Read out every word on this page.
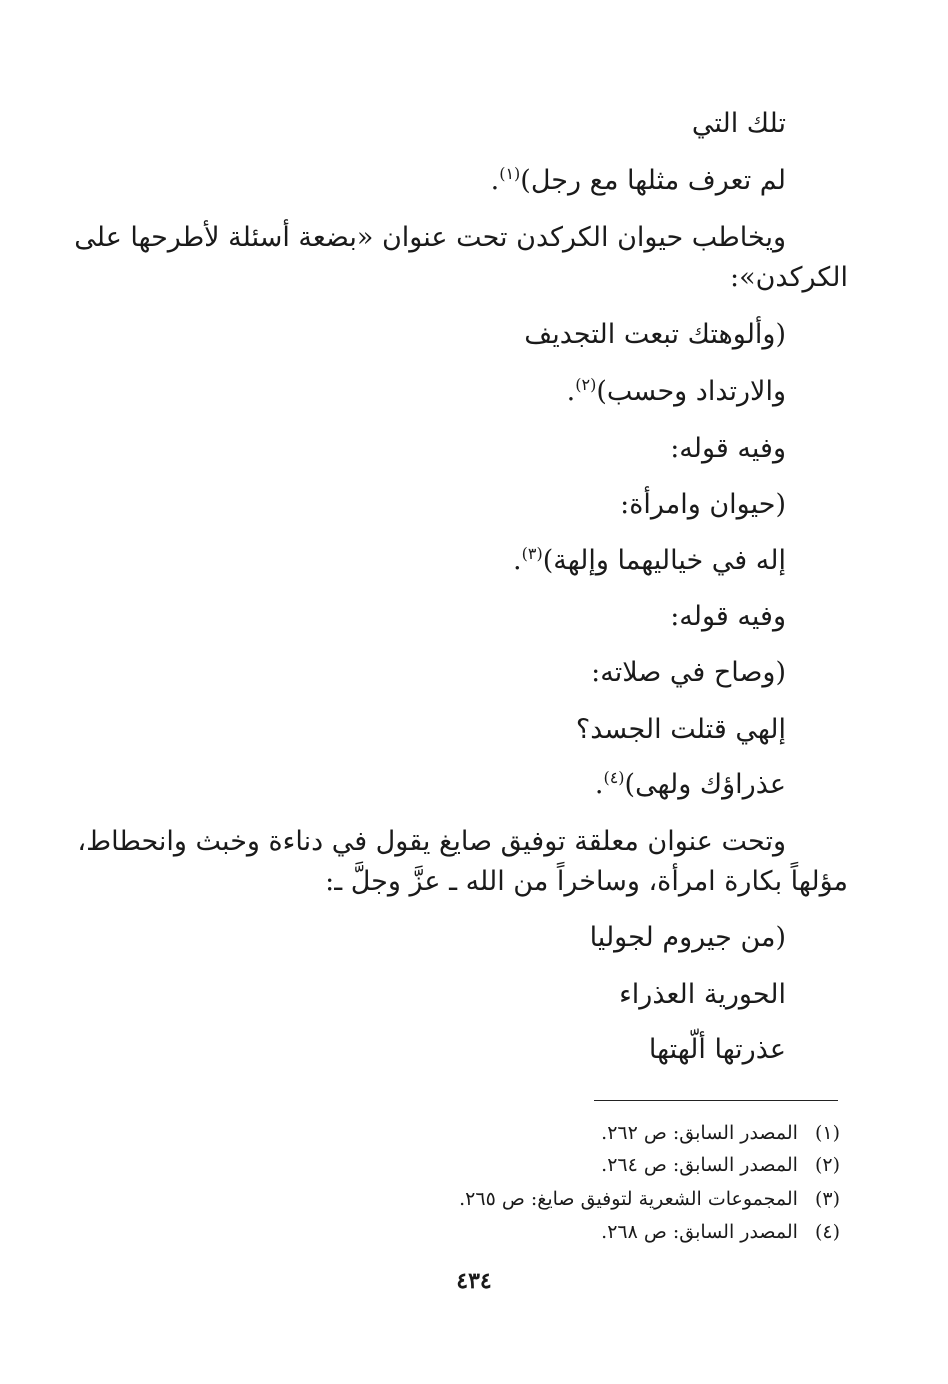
تلك التي
لم تعرف مثلها مع رجل)$^{(١)}$.
ويخاطب حيوان الكركدن تحت عنوان «بضعة أسئلة لأطرحها على
الكركدن»:
(وألوهتك تبعت التجديف
والارتداد وحسب)$^{(٢)}$.
وفيه قوله:
(حيوان وامرأة:
إله في خياليهما وإلهة)$^{(٣)}$.
وفيه قوله:
(وصاح في صلاته:
إلهي قتلت الجسد؟
عذراؤك ولهى)$^{(٤)}$.
وتحت عنوان معلقة توفيق صايغ يقول في دناءة وخبث وانحطاط،
مؤلهاً بكارة امرأة، وساخراً من الله ـ عزَّ وجلَّ ـ:
(من جيروم لجوليا
الحورية العذراء
عذرتها ألّهتها
(١) المصدر السابق: ص ٢٦٢.
(٢) المصدر السابق: ص ٢٦٤.
(٣) المجموعات الشعرية لتوفيق صايغ: ص ٢٦٥.
(٤) المصدر السابق: ص ٢٦٨.
٤٣٤
